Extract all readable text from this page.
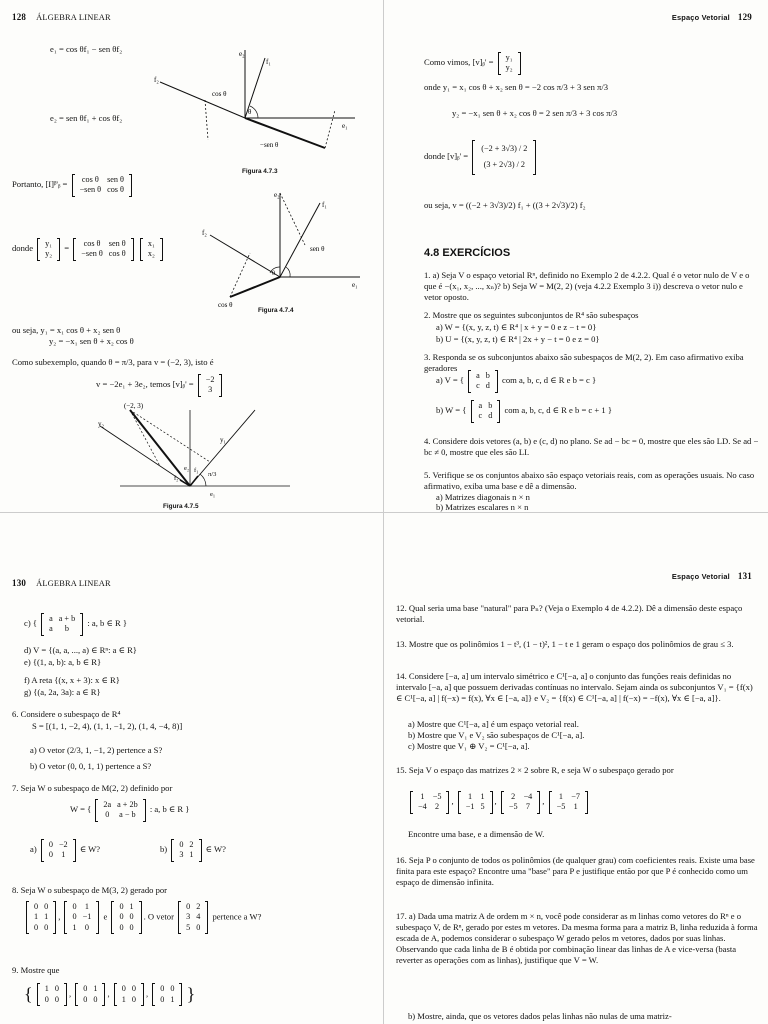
128 ÁLGEBRA LINEAR
e₁ = cos θf₁ − sen θf₂
e₂ = sen θf₁ + cos θf₂
e₂
f₁
f₂
cos θ
θ
e₁
−sen θ
Figura 4.7.3
Portanto, [I]ᵝ'ᵦ = cos θ	sen θ
−sen θ	cos θ
e₂
f₁
f₂
sen θ
θ
e₁
cos θ
donde y₁
y₂
= cos θ	sen θ
−sen θ	cos θ

x₁
x₂
Figura 4.7.4
ou seja, y₁ = x₁ cos θ + x₂ sen θ
y₂ = −x₁ sen θ + x₂ cos θ
Como subexemplo, quando θ = π/3, para v = (−2, 3), isto é
v = −2e₁ + 3e₂, temos [v]ᵦ' = −2
3
(−2, 3)
y₂
y₁
π/3
f₁
f₂
e₂
e₁
Figura 4.7.5
Espaço Vetorial 129
Como vimos, [v]ᵦ' = y₁
y₂
onde y₁ = x₁ cos θ + x₂ sen θ = −2 cos π/3 + 3 sen π/3
y₂ = −x₁ sen θ + x₂ cos θ = 2 sen π/3 + 3 cos π/3
donde [v]ᵦ' =
(−2 + 3√3) / 2
(3 + 2√3) / 2
ou seja, v = ((−2 + 3√3)/2) f₁ + ((3 + 2√3)/2) f₂
4.8 EXERCÍCIOS
1. a) Seja V o espaço vetorial Rⁿ, definido no Exemplo 2 de 4.2.2. Qual é o vetor nulo de V e o que é −(x₁, x₂, ..., xₙ)? b) Seja W = M(2, 2) (veja 4.2.2 Exemplo 3 i)) descreva o vetor nulo e vetor oposto.
2. Mostre que os seguintes subconjuntos de R⁴ são subespaços
a) W = {(x, y, z, t) ∈ R⁴ | x + y = 0 e z − t = 0}
b) U = {(x, y, z, t) ∈ R⁴ | 2x + y − t = 0 e z = 0}
3. Responda se os subconjuntos abaixo são subespaços de M(2, 2). Em caso afirmativo exiba geradores
a) V = { a	b
c	d
com a, b, c, d ∈ R e b = c }
b) W = { a	b
c	d
com a, b, c, d ∈ R e b = c + 1 }
4. Considere dois vetores (a, b) e (c, d) no plano. Se ad − bc = 0, mostre que eles são LD. Se ad − bc ≠ 0, mostre que eles são LI.
5. Verifique se os conjuntos abaixo são espaço vetoriais reais, com as operações usuais. No caso afirmativo, exiba uma base e dê a dimensão.
a) Matrizes diagonais n × n
b) Matrizes escalares n × n
130 ÁLGEBRA LINEAR
c) { a	a + b
a	b
: a, b ∈ R }
d) V = {(a, a, ..., a) ∈ Rⁿ: a ∈ R}
e) {(1, a, b): a, b ∈ R}
f) A reta {(x, x + 3): x ∈ R}
g) {(a, 2a, 3a): a ∈ R}
6. Considere o subespaço de R⁴
S = [(1, 1, −2, 4), (1, 1, −1, 2), (1, 4, −4, 8)]
a) O vetor (2/3, 1, −1, 2) pertence a S?
b) O vetor (0, 0, 1, 1) pertence a S?
7. Seja W o subespaço de M(2, 2) definido por
W = { 2a	a + 2b
0	a − b
: a, b ∈ R }
a) 0	−2
0	1
∈ W?	b) 0	2
3	1
∈ W?
8. Seja W o subespaço de M(3, 2) gerado por
0	0
1	1
0	0
,
0	1
0	−1
1	0
e
0	1
0	0
0	0
. O vetor
0	2
3	4
5	0
pertence a W?
9. Mostre que
{ 1	0
0	0
, 0	1
0	0
, 0	0
1	0
, 0	0
0	1 }
Espaço Vetorial 131
12. Qual seria uma base "natural" para Pₙ? (Veja o Exemplo 4 de 4.2.2). Dê a dimensão deste espaço vetorial.
13. Mostre que os polinômios 1 − t³, (1 − t)², 1 − t e 1 geram o espaço dos polinômios de grau ≤ 3.
14. Considere [−a, a] um intervalo simétrico e C¹[−a, a] o conjunto das funções reais definidas no intervalo [−a, a] que possuem derivadas contínuas no intervalo. Sejam ainda os subconjuntos V₁ = {f(x) ∈ C¹[−a, a] | f(−x) = f(x), ∀x ∈ [−a, a]} e V₂ = {f(x) ∈ C¹[−a, a] | f(−x) = −f(x), ∀x ∈ [−a, a]}.
a) Mostre que C¹[−a, a] é um espaço vetorial real.
b) Mostre que V₁ e V₂ são subespaços de C¹[−a, a].
c) Mostre que V₁ ⊕ V₂ = C¹[−a, a].
15. Seja V o espaço das matrizes 2 × 2 sobre R, e seja W o subespaço gerado por
1	−5
−4	2
, 1	1
−1	5
, 2	−4
−5	7
, 1	−7
−5	1
Encontre uma base, e a dimensão de W.
16. Seja P o conjunto de todos os polinômios (de qualquer grau) com coeficientes reais. Existe uma base finita para este espaço? Encontre uma "base" para P e justifique então por que P é conhecido como um espaço de dimensão infinita.
17. a) Dada uma matriz A de ordem m × n, você pode considerar as m linhas como vetores do Rⁿ e o subespaço V, de Rⁿ, gerado por estes m vetores. Da mesma forma para a matriz B, linha reduzida à forma escada de A, podemos considerar o subespaço W gerado pelos m vetores, dados por suas linhas. Observando que cada linha de B é obtida por combinação linear das linhas de A e vice-versa (basta reverter as operações com as linhas), justifique que V = W.
b) Mostre, ainda, que os vetores dados pelas linhas não nulas de uma matriz-
